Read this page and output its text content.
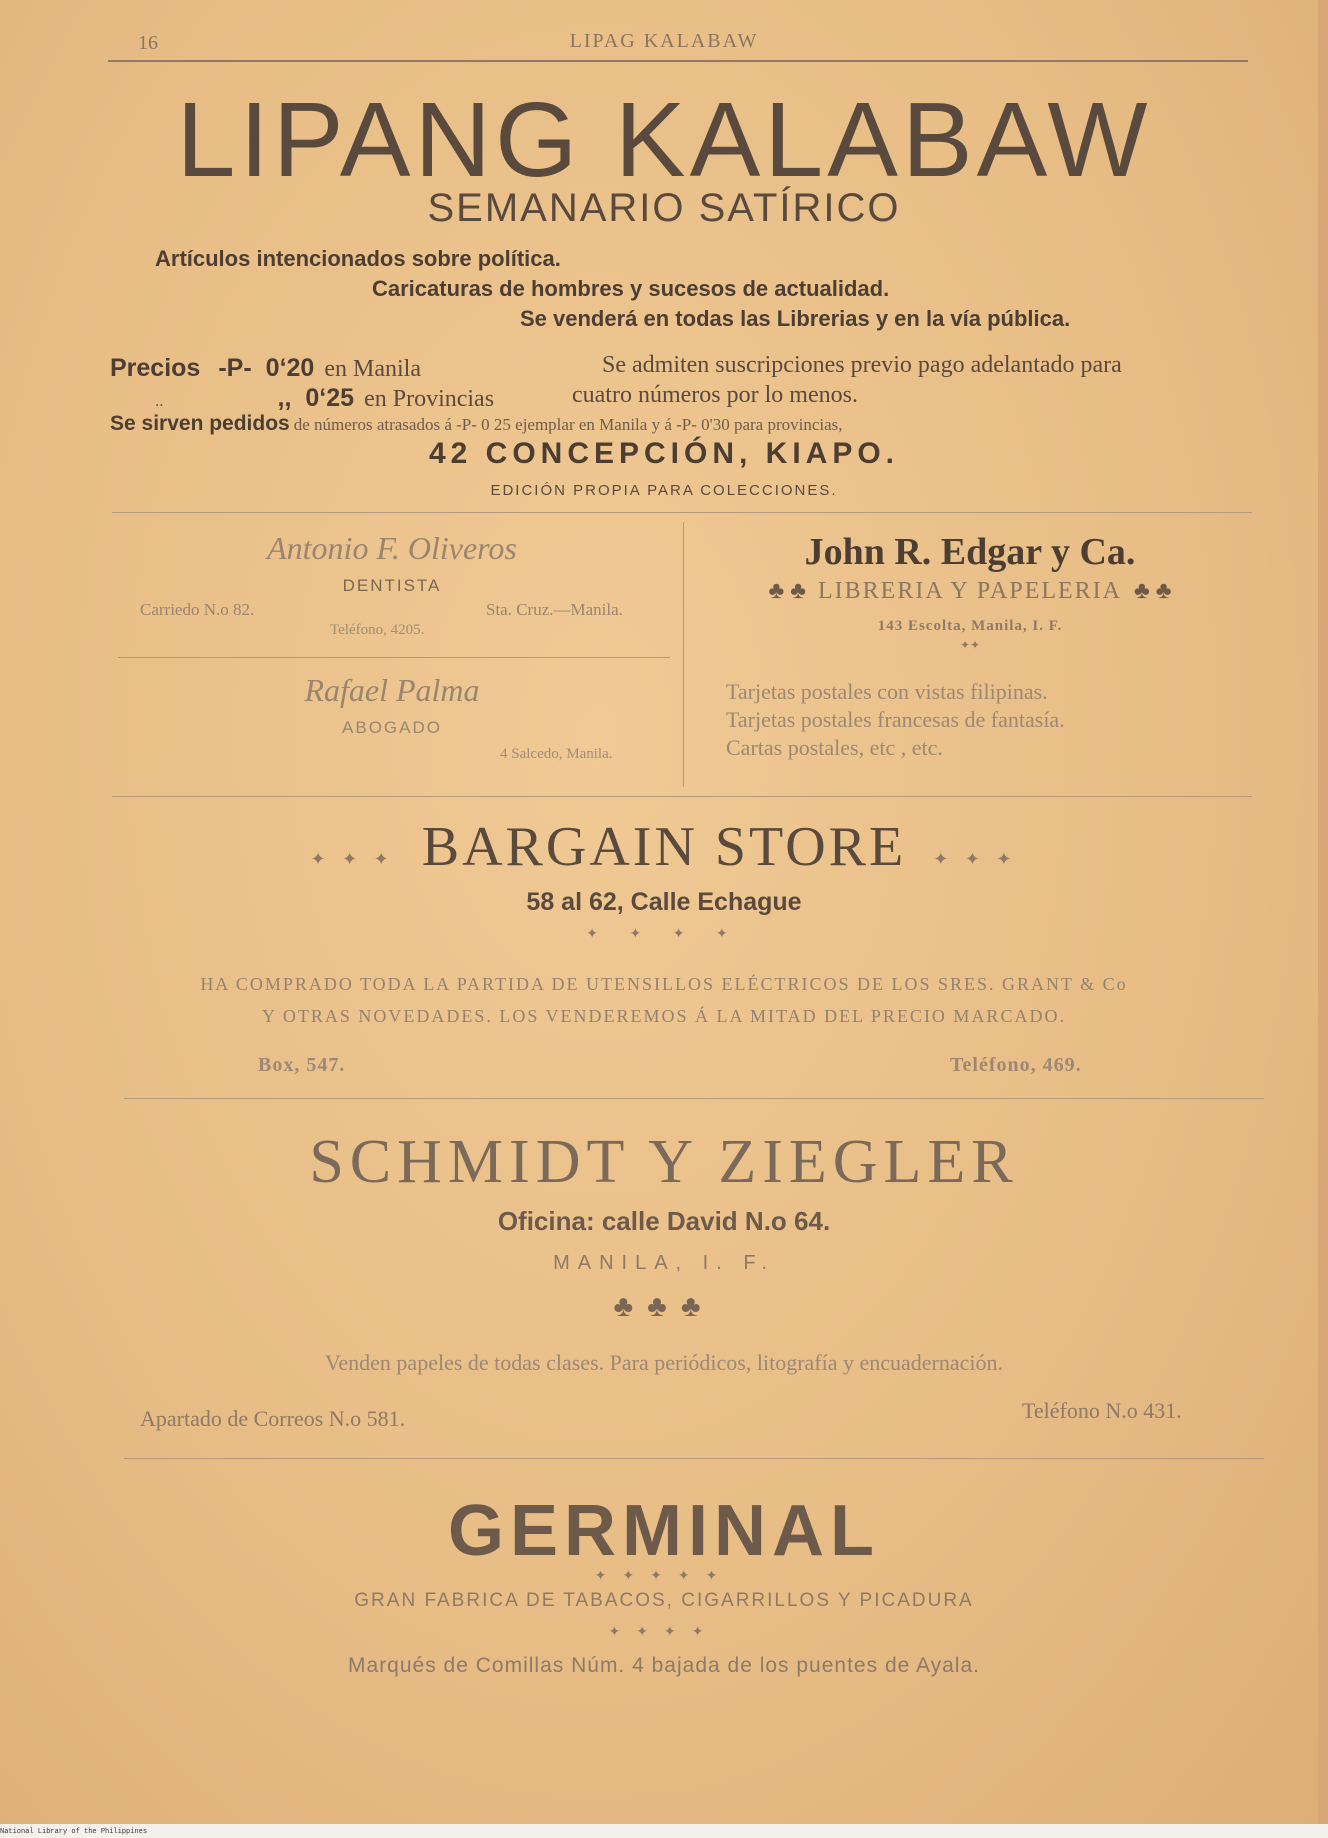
16	LIPAG KALABAW
LIPANG KALABAW
SEMANARIO SATÍRICO
Artículos intencionados sobre política.
Caricaturas de hombres y sucesos de actualidad.
Se venderá en todas las Librerias y en la vía pública.
Precios -P- 0‘20 en Manila
..	,, 0‘25 en Provincias
Se admiten suscripciones previo pago adelantado para
cuatro números por lo menos.
Se sirven pedidos de números atrasados á -P- 0 25 ejemplar en Manila y á -P- 0'30 para provincias,
42 CONCEPCIÓN, KIAPO.
EDICIÓN PROPIA PARA COLECCIONES.
Antonio F. Oliveros
DENTISTA
Carriedo N.o 82.	Sta. Cruz.—Manila.
Teléfono, 4205.
Rafael Palma
ABOGADO
4 Salcedo, Manila.
John R. Edgar y Ca.
♣ ♣ LIBRERIA Y PAPELERIA ♣ ♣
143 Escolta, Manila, I. F.
✦✦
Tarjetas postales con vistas filipinas.
Tarjetas postales francesas de fantasía.
Cartas postales, etc , etc.
✦ ✦ ✦ BARGAIN STORE ✦ ✦ ✦
58 al 62, Calle Echague
✦ ✦ ✦ ✦
HA COMPRADO TODA LA PARTIDA DE UTENSILLOS ELÉCTRICOS DE LOS SRES. GRANT & Co
Y OTRAS NOVEDADES. LOS VENDEREMOS Á LA MITAD DEL PRECIO MARCADO.
Box, 547.	Teléfono, 469.
SCHMIDT Y ZIEGLER
Oficina: calle David N.o 64.
MANILA, I. F.
♣♣♣
Venden papeles de todas clases. Para periódicos, litografía y encuadernación.
Apartado de Correos N.o 581.	Teléfono N.o 431.
GERMINAL
✦✦✦✦✦
GRAN FABRICA DE TABACOS, CIGARRILLOS Y PICADURA
✦✦✦✦
Marqués de Comillas Núm. 4 bajada de los puentes de Ayala.
National Library of the Philippines
